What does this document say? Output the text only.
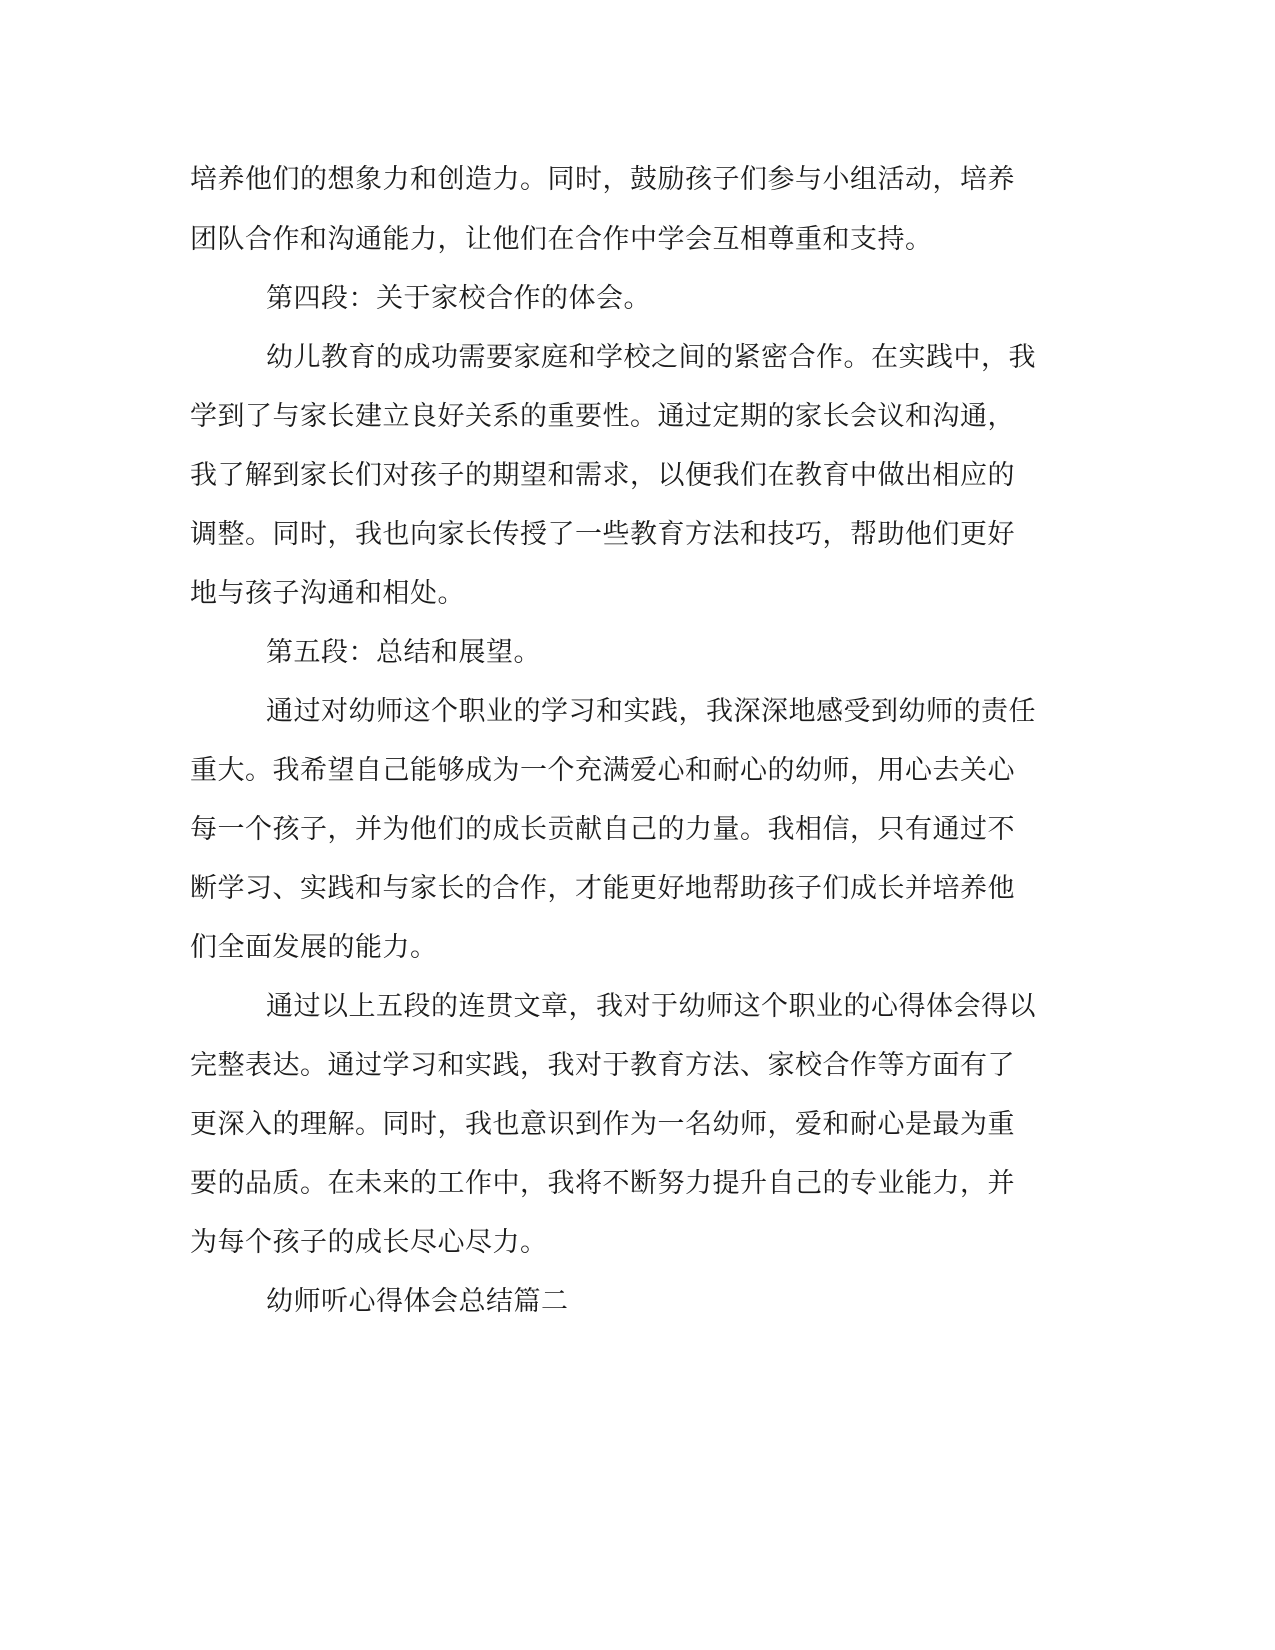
培养他们的想象力和创造力。同时，鼓励孩子们参与小组活动，培养
团队合作和沟通能力，让他们在合作中学会互相尊重和支持。
第四段：关于家校合作的体会。
幼儿教育的成功需要家庭和学校之间的紧密合作。在实践中，我
学到了与家长建立良好关系的重要性。通过定期的家长会议和沟通，
我了解到家长们对孩子的期望和需求，以便我们在教育中做出相应的
调整。同时，我也向家长传授了一些教育方法和技巧，帮助他们更好
地与孩子沟通和相处。
第五段：总结和展望。
通过对幼师这个职业的学习和实践，我深深地感受到幼师的责任
重大。我希望自己能够成为一个充满爱心和耐心的幼师，用心去关心
每一个孩子，并为他们的成长贡献自己的力量。我相信，只有通过不
断学习、实践和与家长的合作，才能更好地帮助孩子们成长并培养他
们全面发展的能力。
通过以上五段的连贯文章，我对于幼师这个职业的心得体会得以
完整表达。通过学习和实践，我对于教育方法、家校合作等方面有了
更深入的理解。同时，我也意识到作为一名幼师，爱和耐心是最为重
要的品质。在未来的工作中，我将不断努力提升自己的专业能力，并
为每个孩子的成长尽心尽力。
幼师听心得体会总结篇二
